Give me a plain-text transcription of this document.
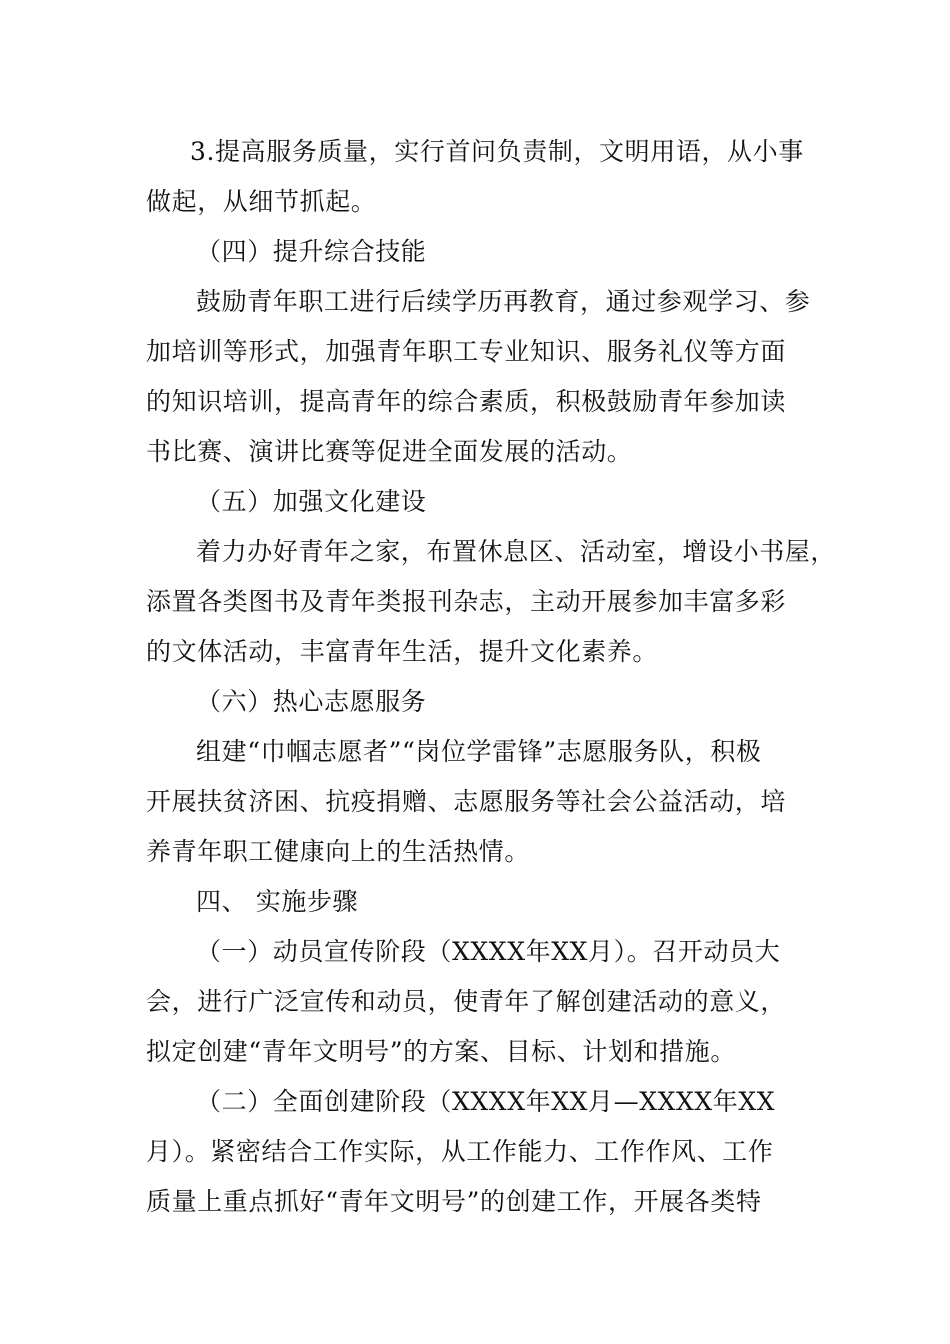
3.提高服务质量，实行首问负责制，文明用语，从小事
做起，从细节抓起。
（四）提升综合技能
鼓励青年职工进行后续学历再教育，通过参观学习、参
加培训等形式，加强青年职工专业知识、服务礼仪等方面
的知识培训，提高青年的综合素质，积极鼓励青年参加读
书比赛、演讲比赛等促进全面发展的活动。
（五）加强文化建设
着力办好青年之家，布置休息区、活动室，增设小书屋，
添置各类图书及青年类报刊杂志，主动开展参加丰富多彩
的文体活动，丰富青年生活，提升文化素养。
（六）热心志愿服务
组建“巾帼志愿者”“岗位学雷锋”志愿服务队，积极
开展扶贫济困、抗疫捐赠、志愿服务等社会公益活动，培
养青年职工健康向上的生活热情。
四、 实施步骤
（一）动员宣传阶段（XXXX年XX月）。召开动员大
会，进行广泛宣传和动员，使青年了解创建活动的意义，
拟定创建“青年文明号”的方案、目标、计划和措施。
（二）全面创建阶段（XXXX年XX月—XXXX年XX
月）。紧密结合工作实际，从工作能力、工作作风、工作
质量上重点抓好“青年文明号”的创建工作，开展各类特
